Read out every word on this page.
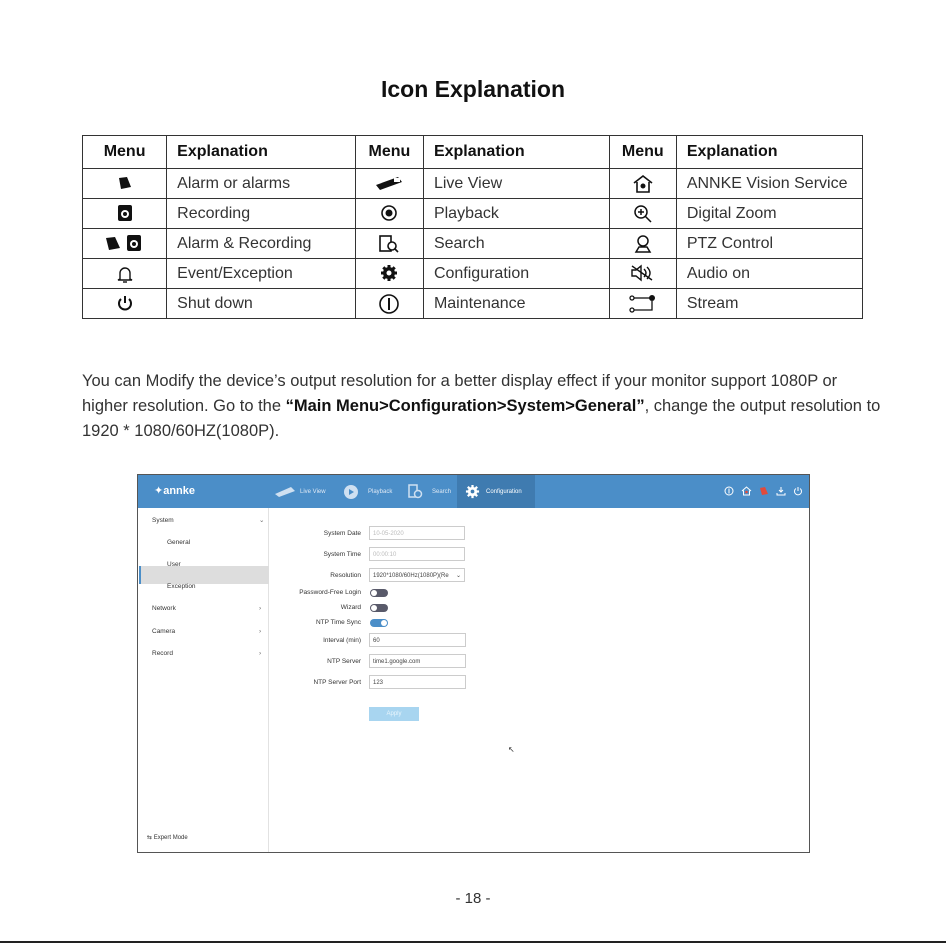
Icon Explanation
Menu	Explanation	Menu	Explanation	Menu	Explanation
	Alarm or alarms		Live View		ANNKE Vision Service
	Recording		Playback		Digital Zoom
	Alarm & Recording		Search		PTZ Control
	Event/Exception		Configuration		Audio on
	Shut down		Maintenance		Stream
You can Modify the device’s output resolution for a better display effect if your monitor support 1080P or higher resolution. Go to the “Main Menu>Configuration>System>General”, change the output resolution to 1920 * 1080/60HZ(1080P).
✦annke	Live View	Playback	Search	Configuration
System	⌄
General
User
Exception
Network	›
Camera	›
Record	›
⇆ Expert Mode
System Date	10-05-2020
System Time	00:00:10
Resolution	1920*1080/60Hz(1080P)(Re ⌄
Password-Free Login
Wizard
NTP Time Sync
Interval (min)	60
NTP Server	time1.google.com
NTP Server Port	123
Apply
↖
- 18 -
